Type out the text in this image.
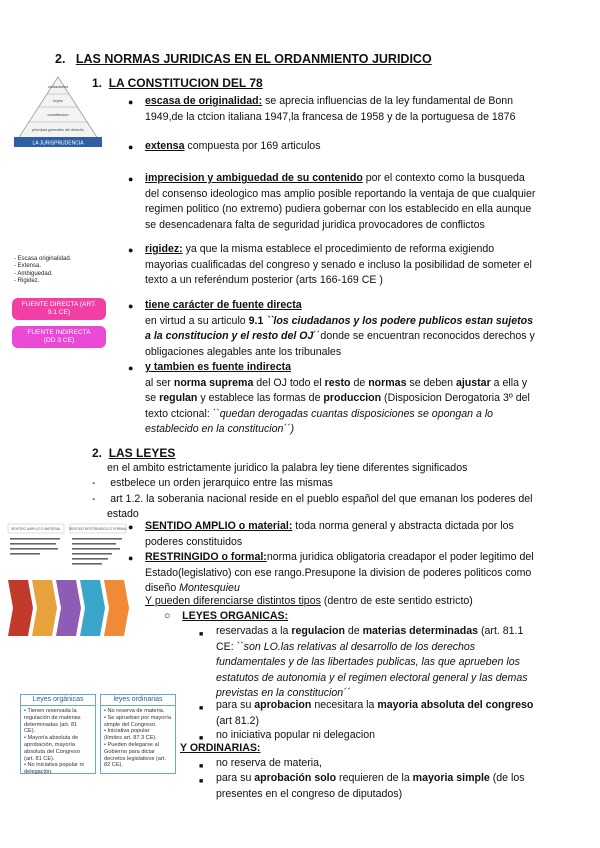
2. LAS NORMAS JURIDICAS EN EL ORDANMIENTO JURIDICO
ciudadanos
leyes
constitucion
principios generales del derecho
LA JURISPRUDENCIA
1. LA CONSTITUCION DEL 78
● escasa de originalidad: se aprecia influencias de la ley fundamental de Bonn
1949,de la ctcion italiana 1947,la francesa de 1958 y de la portuguesa de 1876
● extensa compuesta por 169 articulos
● imprecision y ambiguedad de su contenido por el contexto como la busqueda
del consenso ideologico mas amplio posible reportando la ventaja de que cualquier
regimen politico (no extremo) pudiera gobernar con los establecido en ella aunque
se desencadenara falta de seguridad juridica provocadores de conflictos
● rigidez: ya que la misma establece el procedimiento de reforma exigiendo
mayorias cualificadas del congreso y senado e incluso la posibilidad de someter el
texto a un referéndum posterior (arts 166-169 CE )
- Escasa originalidad.
- Extensa.
- Ambiguedad.
- Rigidez.
FUENTE DIRECTA (ART.
9.1 CE)
FUENTE INDIRECTA
(DD 3 CE)
● tiene carácter de fuente directa
en virtud a su articulo 9.1 ``los ciudadanos y los podere publicos estan sujetos
a la constitucion y el resto del OJ´´donde se encuentran reconocidos derechos y
obligaciones alegables ante los tribunales
● y tambien es fuente indirecta
al ser norma suprema del OJ todo el resto de normas se deben ajustar a ella y
se regulan y establece las formas de produccion (Disposicion Derogatoria 3º del
texto ctcional: ``quedan derogadas cuantas disposiciones se opongan a lo
establecido en la constitucion´´)
2. LAS LEYES
en el ambito estrictamente juridico la palabra ley tiene diferentes significados
-     estbelece un orden jerarquico entre las mismas
-     art 1.2. la soberania nacional reside en el pueblo español del que emanan los poderes del
estado
SENTIDO AMPLIO O MATERIAL SENTIDO RESTRINGIDO O FORMAL ● SENTIDO AMPLIO o material: toda norma general y abstracta dictada por los
poderes constituidos
● RESTRINGIDO o formal:norma juridica obligatoria creadapor el poder legitimo del
Estado(legislativo) con ese rango.Presupone la division de poderes politicos como
diseño Montesquieu
Y pueden diferenciarse distintos tipos (dentro de este sentido estricto)
○    LEYES ORGANICAS:
■ reservadas a la regulacion de materias determinadas (art. 81.1
CE: ``son LO.las relativas al desarrollo de los derechos
fundamentales y de las libertades publicas, las que aprueben los
estatutos de autonomia y el regimen electoral general y las demas
previstas en la constitucion´´
■ para su aprobacion necesitara la mayoria absoluta del congreso
(art 81.2)
■ no iniciativa popular ni delegacion
Y ORDINARIAS:
■ no reserva de materia,
■ para su aprobación solo requieren de la mayoria simple (de los
presentes en el congreso de diputados)
Leyes orgánicas
• Tienen reservada la
regulación de materias
determinadas (art. 81
CE).
• Mayoría absoluta de
aprobación, mayoría
absoluta del Congreso
(art. 81 CE).
• No iniciativa popular ni
delegación.
leyes ordinarias
• No reserva de materia.
• Se aprueban por mayoría
simple del Congreso.
• Iniciativa popular
(límites art. 87.3 CE).
• Pueden delegarse al
Gobierno para dictar
decretos legislativos (art. 82 CE).
